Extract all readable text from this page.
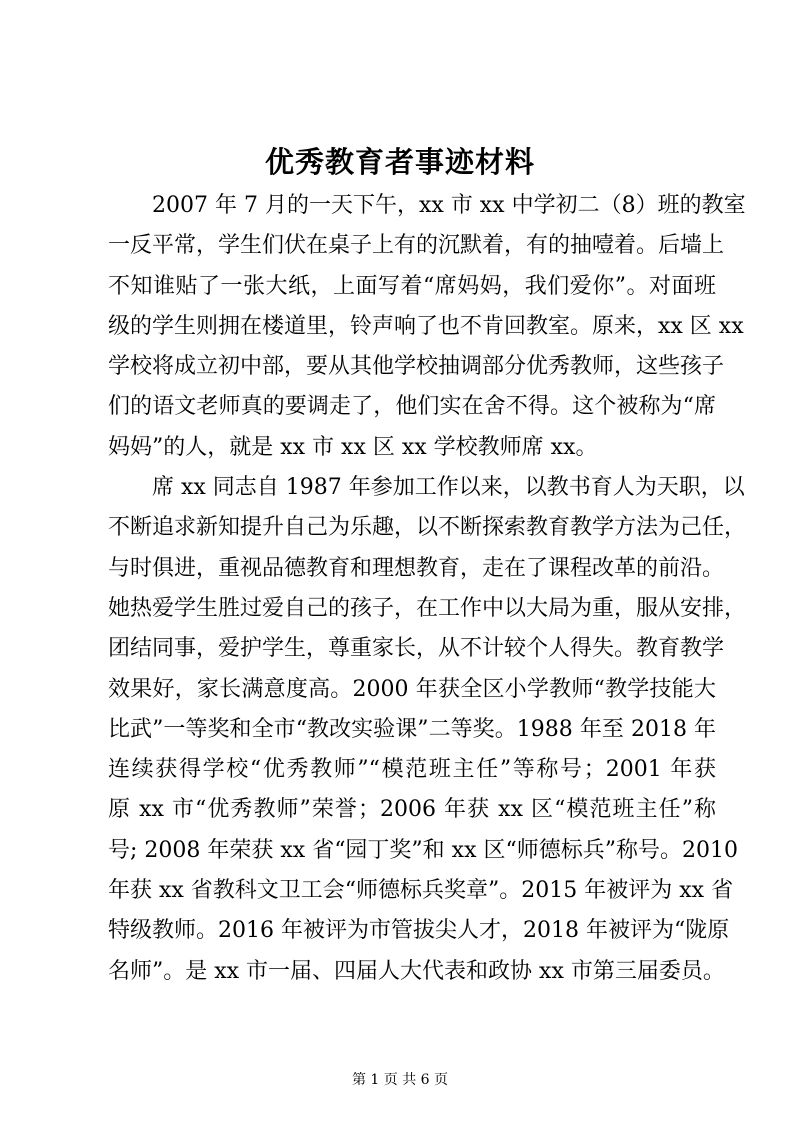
优秀教育者事迹材料
2007 年 7 月的一天下午，xx 市 xx 中学初二（8）班的教室
一反平常，学生们伏在桌子上有的沉默着，有的抽噎着。后墙上
不知谁贴了一张大纸，上面写着“席妈妈，我们爱你”。对面班
级的学生则拥在楼道里，铃声响了也不肯回教室。原来，xx 区 xx
学校将成立初中部，要从其他学校抽调部分优秀教师，这些孩子
们的语文老师真的要调走了，他们实在舍不得。这个被称为“席
妈妈”的人，就是 xx 市 xx 区 xx 学校教师席 xx。
席 xx 同志自 1987 年参加工作以来，以教书育人为天职，以
不断追求新知提升自己为乐趣，以不断探索教育教学方法为己任，
与时俱进，重视品德教育和理想教育，走在了课程改革的前沿。
她热爱学生胜过爱自己的孩子，在工作中以大局为重，服从安排，
团结同事，爱护学生，尊重家长，从不计较个人得失。教育教学
效果好，家长满意度高。2000 年获全区小学教师“教学技能大
比武”一等奖和全市“教改实验课”二等奖。1988 年至 2018 年
连续获得学校“优秀教师”“模范班主任”等称号；2001 年获
原 xx 市“优秀教师”荣誉；2006 年获 xx 区“模范班主任”称
号; 2008 年荣获 xx 省“园丁奖”和 xx 区“师德标兵”称号。2010
年获 xx 省教科文卫工会“师德标兵奖章”。2015 年被评为 xx 省
特级教师。2016 年被评为市管拔尖人才，2018 年被评为“陇原
名师”。是 xx 市一届、四届人大代表和政协 xx 市第三届委员。
第 1 页 共 6 页
